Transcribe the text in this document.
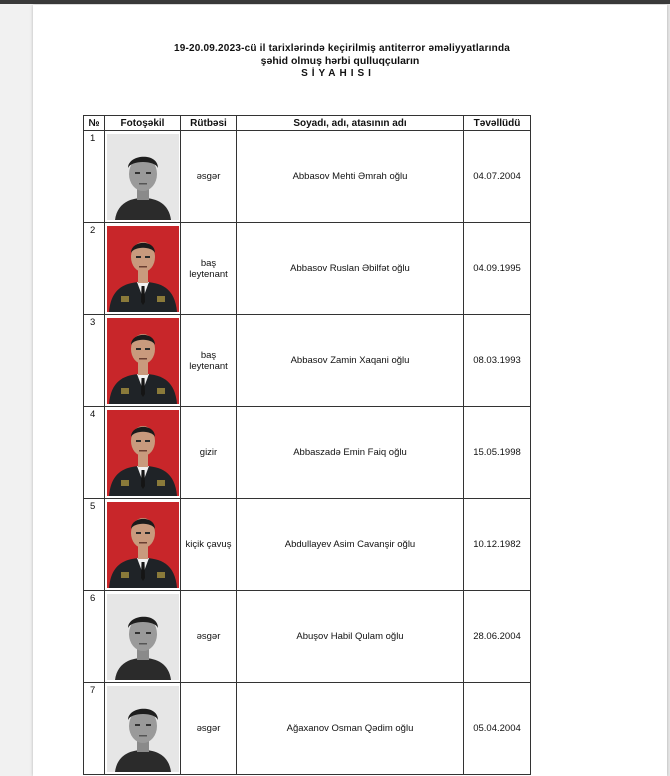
19-20.09.2023-cü il tarixlərində keçirilmiş antiterror əməliyyatlarında
şəhid olmuş hərbi qulluqçuların
SİYAHISI
№	Fotoşəkil	Rütbəsi	Soyadı, adı, atasının adı	Təvəllüdü
1		əsgər	Abbasov Mehti Əmrah oğlu	04.07.2004
2		baş leytenant	Abbasov Ruslan Əbilfət oğlu	04.09.1995
3		baş leytenant	Abbasov Zamin Xaqani oğlu	08.03.1993
4		gizir	Abbaszadə Emin Faiq oğlu	15.05.1998
5		kiçik çavuş	Abdullayev Asim Cavanşir oğlu	10.12.1982
6		əsgər	Abuşov Habil Qulam oğlu	28.06.2004
7		əsgər	Ağaxanov Osman Qədim oğlu	05.04.2004
